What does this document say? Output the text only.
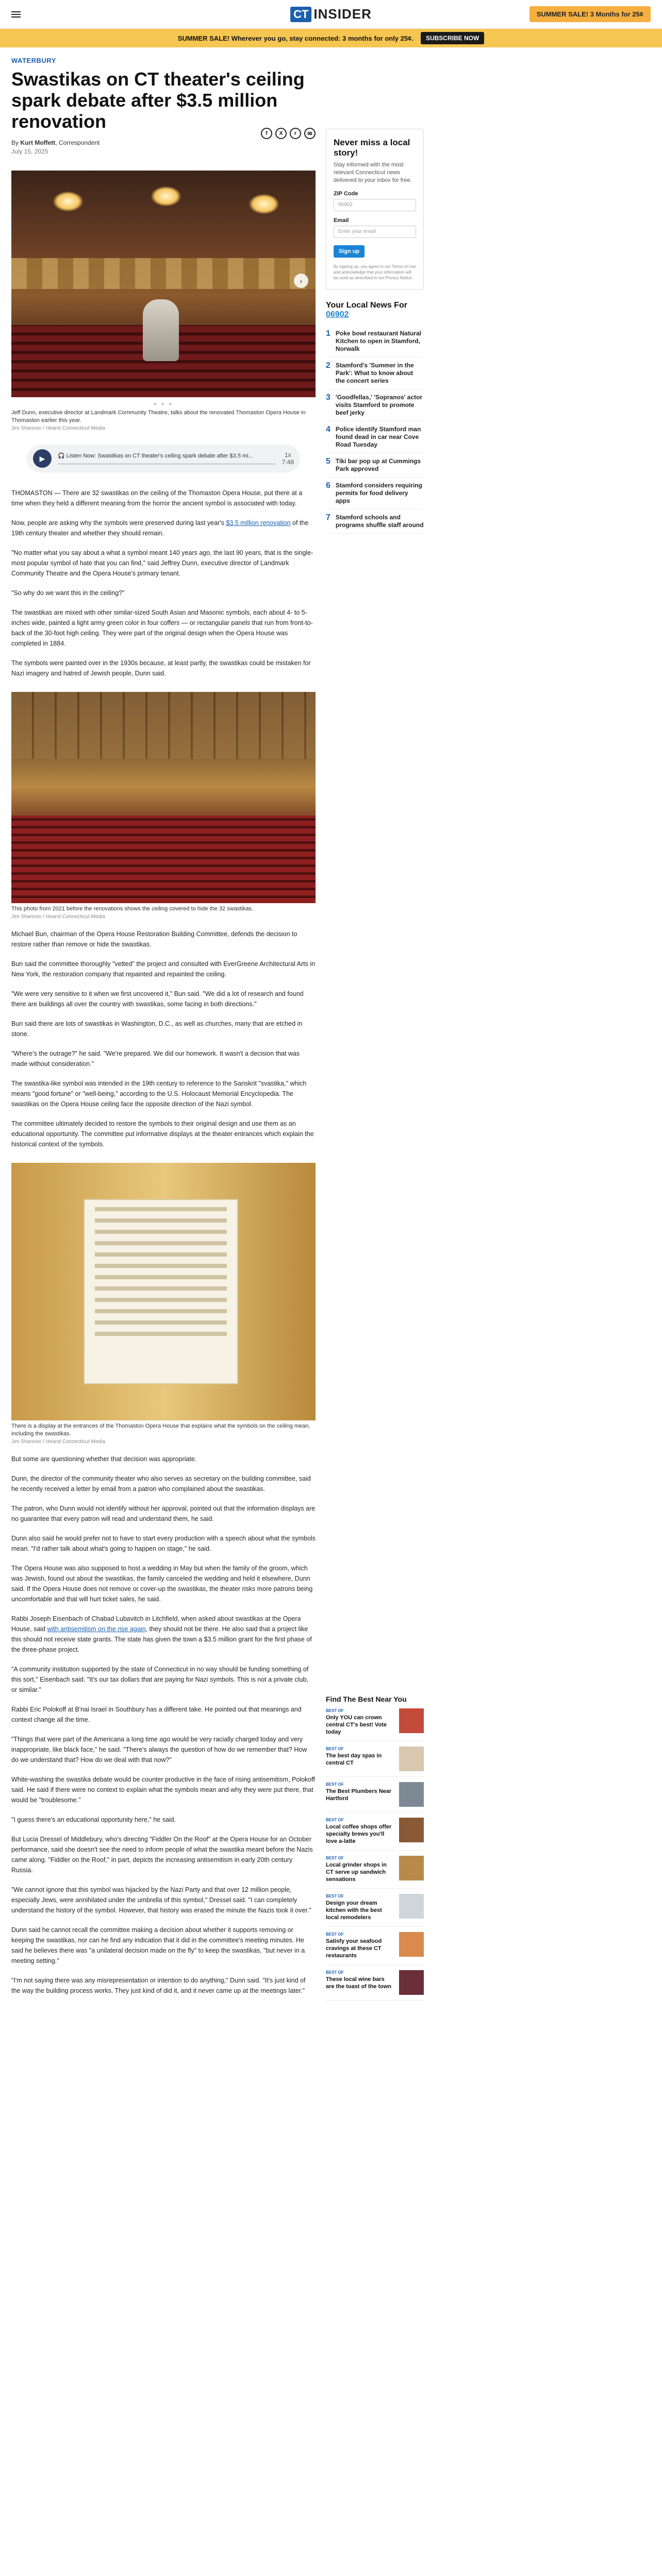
CT INSIDER	SUMMER SALE! 3 Months for 25¢
SUMMER SALE! Wherever you go, stay connected: 3 months for only 25¢.	SUBSCRIBE NOW
WATERBURY
Swastikas on CT theater's ceiling spark debate after $3.5 million renovation
By Kurt Moffett, Correspondent
July 15, 2025
f	X	r	✉
›
● ● ●
Jeff Dunn, executive director at Landmark Community Theatre, talks about the renovated Thomaston Opera House in Thomaston earlier this year.
Jim Shannon / Hearst Connecticut Media
▶	🎧 Listen Now: Swastikas on CT theater's ceiling spark debate after $3.5 mi...	1x
7:48

THOMASTON — There are 32 swastikas on the ceiling of the Thomaston Opera House, put there at a time when they held a different meaning from the horror the ancient symbol is associated with today.

Now, people are asking why the symbols were preserved during last year's $3.5 million renovation of the 19th century theater and whether they should remain.

"No matter what you say about a what a symbol meant 140 years ago, the last 90 years, that is the single-most popular symbol of hate that you can find," said Jeffrey Dunn, executive director of Landmark Community Theatre and the Opera House's primary tenant.

"So why do we want this in the ceiling?"

The swastikas are mixed with other similar-sized South Asian and Masonic symbols, each about 4- to 5-inches wide, painted a light army green color in four coffers — or rectangular panels that run from front-to-back of the 30-foot high ceiling. They were part of the original design when the Opera House was completed in 1884.

The symbols were painted over in the 1930s because, at least partly, the swastikas could be mistaken for Nazi imagery and hatred of Jewish people, Dunn said.

This photo from 2021 before the renovations shows the ceiling covered to hide the 32 swastikas.
Jim Shannon / Hearst Connecticut Media

Michael Bun, chairman of the Opera House Restoration Building Committee, defends the decision to restore rather than remove or hide the swastikas.

Bun said the committee thoroughly "vetted" the project and consulted with EverGreene Architectural Arts in New York, the restoration company that repainted and repainted the ceiling.

"We were very sensitive to it when we first uncovered it," Bun said. "We did a lot of research and found there are buildings all over the country with swastikas, some facing in both directions."

Bun said there are lots of swastikas in Washington, D.C., as well as churches, many that are etched in stone.

"Where's the outrage?" he said. "We're prepared. We did our homework. It wasn't a decision that was made without consideration."

The swastika-like symbol was intended in the 19th century to reference to the Sanskrit "svastika," which means "good fortune" or "well-being," according to the U.S. Holocaust Memorial Encyclopedia. The swastikas on the Opera House ceiling face the opposite direction of the Nazi symbol.

The committee ultimately decided to restore the symbols to their original design and use them as an educational opportunity. The committee put informative displays at the theater entrances which explain the historical context of the symbols.

There is a display at the entrances of the Thomaston Opera House that explains what the symbols on the ceiling mean, including the swastikas.
Jim Shannon / Hearst Connecticut Media

But some are questioning whether that decision was appropriate.

Dunn, the director of the community theater who also serves as secretary on the building committee, said he recently received a letter by email from a patron who complained about the swastikas.

The patron, who Dunn would not identify without her approval, pointed out that the information displays are no guarantee that every patron will read and understand them, he said.

Dunn also said he would prefer not to have to start every production with a speech about what the symbols mean. "I'd rather talk about what's going to happen on stage," he said.

The Opera House was also supposed to host a wedding in May but when the family of the groom, which was Jewish, found out about the swastikas, the family canceled the wedding and held it elsewhere, Dunn said. If the Opera House does not remove or cover-up the swastikas, the theater risks more patrons being uncomfortable and that will hurt ticket sales, he said.

Rabbi Joseph Eisenbach of Chabad Lubavitch in Litchfield, when asked about swastikas at the Opera House, said with antisemitism on the rise again, they should not be there. He also said that a project like this should not receive state grants. The state has given the town a $3.5 million grant for the first phase of the three-phase project.

"A community institution supported by the state of Connecticut in no way should be funding something of this sort," Eisenbach said. "It's our tax dollars that are paying for Nazi symbols. This is not a private club, or similar."

Rabbi Eric Polokoff at B'nai Israel in Southbury has a different take. He pointed out that meanings and context change all the time.

"Things that were part of the Americana a long time ago would be very racially charged today and very inappropriate, like black face," he said. "There's always the question of how do we remember that? How do we understand that? How do we deal with that now?"

White-washing the swastika debate would be counter productive in the face of rising antisemitism, Polokoff said. He said if there were no context to explain what the symbols mean and why they were put there, that would be "troublesome."

"I guess there's an educational opportunity here," he said.

But Lucia Dressel of Middlebury, who's directing "Fiddler On the Roof" at the Opera House for an October performance, said she doesn't see the need to inform people of what the swastika meant before the Nazis came along. "Fiddler on the Roof," in part, depicts the increasing antisemitism in early 20th century Russia.

"We cannot ignore that this symbol was hijacked by the Nazi Party and that over 12 million people, especially Jews, were annihilated under the umbrella of this symbol," Dressel said. "I can completely understand the history of the symbol. However, that history was erased the minute the Nazis took it over."

Dunn said he cannot recall the committee making a decision about whether it supports removing or keeping the swastikas, nor can he find any indication that it did in the committee's meeting minutes. He said he believes there was "a unilateral decision made on the fly" to keep the swastikas, "but never in a meeting setting."

"I'm not saying there was any misrepresentation or intention to do anything," Dunn said. "It's just kind of the way the building process works. They just kind of did it, and it never came up at the meetings later."

Never miss a local story!
Stay informed with the most relevant Connecticut news delivered to your inbox for free.
ZIP Code
06902
Email
Enter your email
Sign up
By signing up, you agree to our Terms of Use and acknowledge that your information will be used as described in our Privacy Notice.
Your Local News For 06902
1 Poke bowl restaurant Natural Kitchen to open in Stamford, Norwalk
2 Stamford's 'Summer in the Park': What to know about the concert series
3 'Goodfellas,' 'Sopranos' actor visits Stamford to promote beef jerky
4 Police identify Stamford man found dead in car near Cove Road Tuesday
5 Tiki bar pop up at Cummings Park approved
6 Stamford considers requiring permits for food delivery apps
7 Stamford schools and programs shuffle staff around
Find The Best Near You
BEST OF
Only YOU can crown central CT's best! Vote today
BEST OF
The best day spas in central CT
BEST OF
The Best Plumbers Near Hartford
BEST OF
Local coffee shops offer specialty brews you'll love a-latte
BEST OF
Local grinder shops in CT serve up sandwich sensations
BEST OF
Design your dream kitchen with the best local remodelers
BEST OF
Satisfy your seafood cravings at these CT restaurants
BEST OF
These local wine bars are the toast of the town
